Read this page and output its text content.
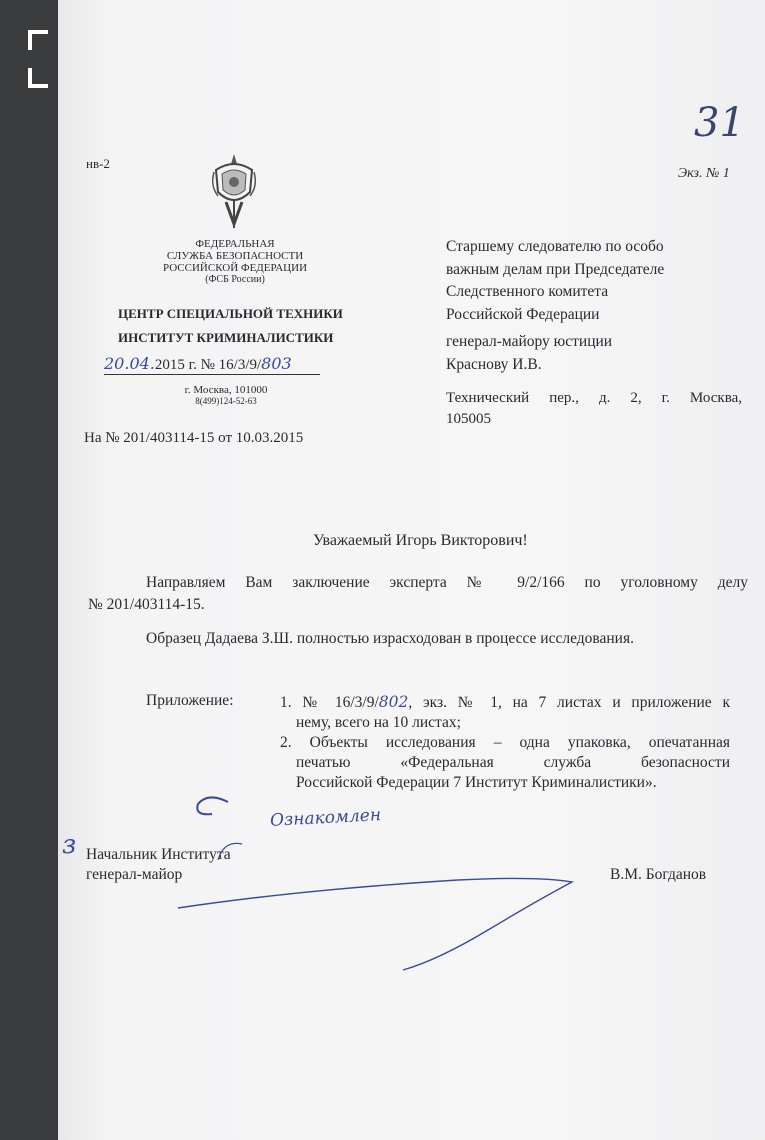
31
нв-2
Экз. № 1
ФЕДЕРАЛЬНАЯ
СЛУЖБА БЕЗОПАСНОСТИ
РОССИЙСКОЙ ФЕДЕРАЦИИ
(ФСБ России)
ЦЕНТР СПЕЦИАЛЬНОЙ ТЕХНИКИ
ИНСТИТУТ КРИМИНАЛИСТИКИ
20.04.2015 г. № 16/3/9/803
г. Москва, 101000
8(499)124-52-63
На № 201/403114-15 от 10.03.2015
Старшему следователю по особо
важным делам при Председателе
Следственного комитета
Российской Федерации
генерал-майору юстиции
Краснову И.В.
Технический пер., д. 2, г. Москва,
105005
Уважаемый Игорь Викторович!
Направляем Вам заключение эксперта № 9/2/166 по уголовному делу
№ 201/403114-15.
Образец Дадаева З.Ш. полностью израсходован в процессе исследования.
Приложение:	1. № 16/3/9/802, экз. № 1, на 7 листах и приложение к
нему, всего на 10 листах;
2. Объекты исследования – одна упаковка, опечатанная
печатью «Федеральная служба безопасности
Российской Федерации 7 Институт Криминалистики».
Ознакомлен
з Начальник Института
генерал-майор	В.М. Богданов
